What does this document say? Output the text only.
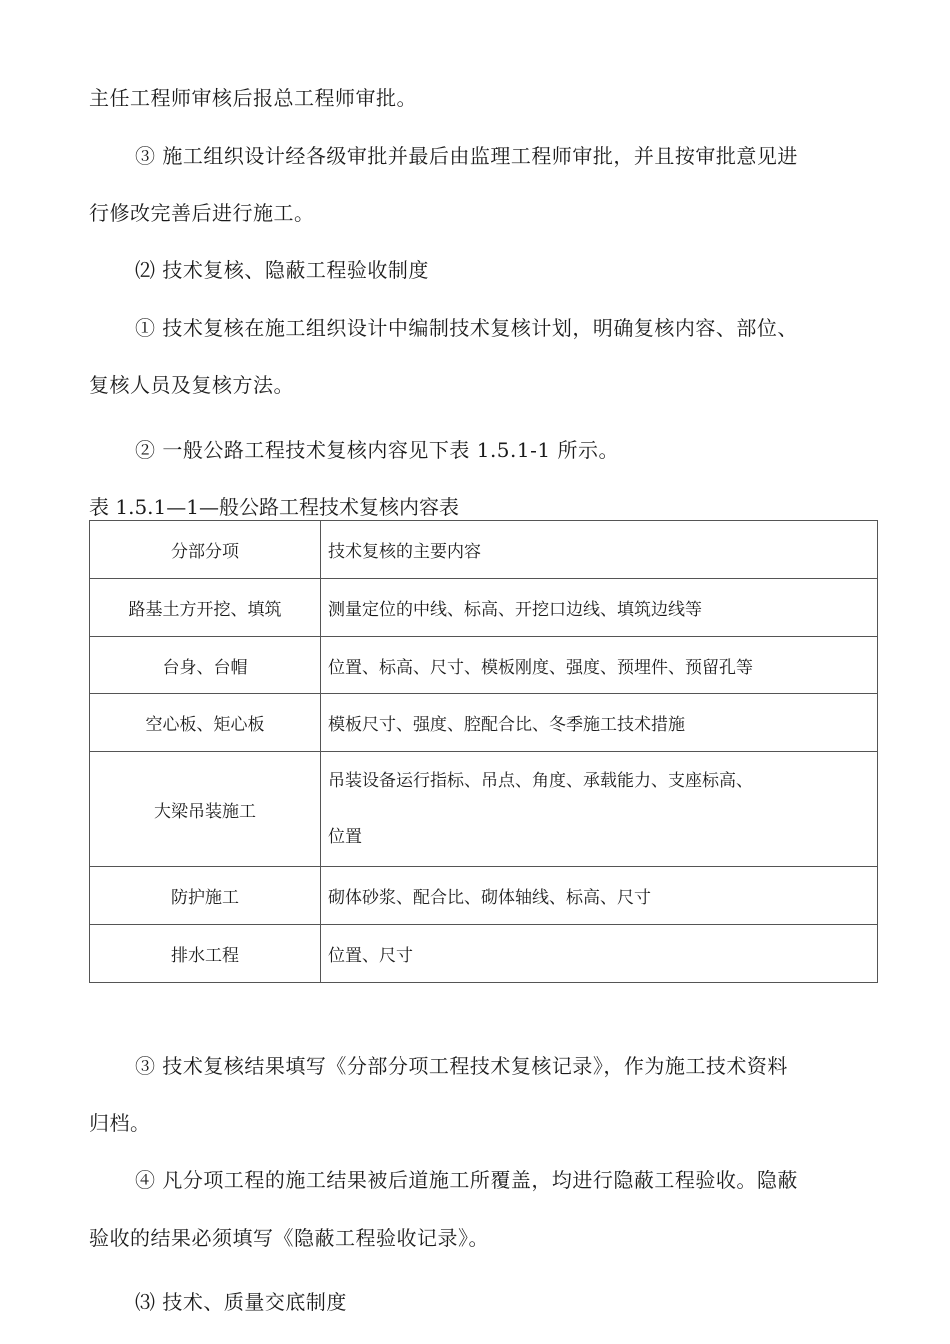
主任工程师审核后报总工程师审批。
③ 施工组织设计经各级审批并最后由监理工程师审批，并且按审批意见进
行修改完善后进行施工。
⑵ 技术复核、隐蔽工程验收制度
① 技术复核在施工组织设计中编制技术复核计划，明确复核内容、部位、
复核人员及复核方法。
② 一般公路工程技术复核内容见下表 1.5.1-1 所示。
表 1.5.1—1—般公路工程技术复核内容表
分部分项	技术复核的主要内容
路基土方开挖、填筑	测量定位的中线、标高、开挖口边线、填筑边线等
台身、台帽	位置、标高、尺寸、模板刚度、强度、预埋件、预留孔等
空心板、矩心板	模板尺寸、强度、腔配合比、冬季施工技术措施
大梁吊装施工	吊装设备运行指标、吊点、角度、承载能力、支座标高、
位置

防护施工	砌体砂浆、配合比、砌体轴线、标高、尺寸
排水工程	位置、尺寸
③ 技术复核结果填写《分部分项工程技术复核记录》，作为施工技术资料
归档。
④ 凡分项工程的施工结果被后道施工所覆盖，均进行隐蔽工程验收。隐蔽
验收的结果必须填写《隐蔽工程验收记录》。
⑶ 技术、质量交底制度
